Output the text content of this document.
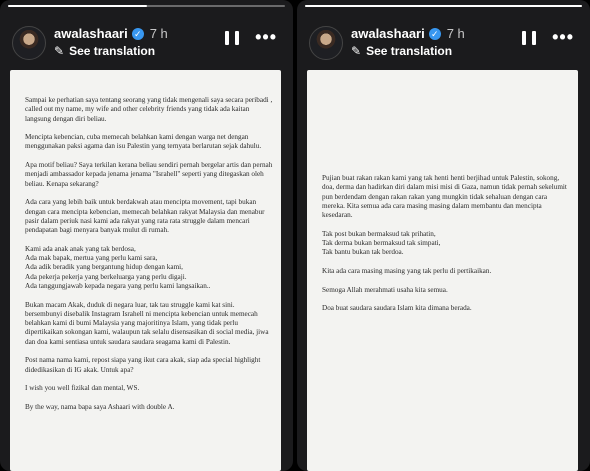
awalashaari ✓ 7 h
✎ See translation
•••

Sampai ke perhatian saya tentang seorang yang tidak mengenali saya secara peribadi , called out my name, my wife and other celebrity friends yang tidak ada kaitan langsung dengan diri beliau.

Mencipta kebencian, cuba memecah belahkan kami dengan warga net dengan menggunakan paksi agama dan isu Palestin yang ternyata berlarutan sejak dahulu.

Apa motif beliau? Saya terkilan kerana beliau sendiri pernah bergelar artis dan pernah menjadi ambassador kepada jenama jenama "Israhell" seperti yang ditegaskan oleh beliau. Kenapa sekarang?

Ada cara yang lebih baik untuk berdakwah atau mencipta movement, tapi bukan dengan cara mencipta kebencian, memecah belahkan rakyat Malaysia dan menabur pasir dalam periuk nasi kami ada rakyat yang rata rata struggle dalam mencari pendapatan bagi menyara banyak mulut di rumah.

Kami ada anak anak yang tak berdosa,
Ada mak bapak, mertua yang perlu kami sara,
Ada adik beradik yang bergantung hidup dengan kami,
Ada pekerja pekerja yang berkeluarga yang perlu digaji.
Ada tanggungjawab kepada negara yang perlu kami langsaikan..

Bukan macam Akak, duduk di negara luar, tak tau struggle kami kat sini. bersembunyi disebalik Instagram Israhell ni mencipta kebencian untuk memecah belahkan kami di bumi Malaysia yang majoritinya Islam, yang tidak perlu dipertikaikan sokongan kami, walaupun tak selalu disensasikan di social media, jiwa dan doa kami sentiasa untuk saudara saudara seagama kami di Palestin.

Post nama nama kami, repost siapa yang ikut cara akak, siap ada special highlight didedikasikan di IG akak. Untuk apa?

I wish you well fizikal dan mental, WS.

By the way, nama bapa saya Ashaari with double A.

awalashaari ✓ 7 h
✎ See translation
•••

Pujian buat rakan rakan kami yang tak henti henti berjihad untuk Palestin, sokong, doa, derma dan hadirkan diri dalam misi misi di Gaza, namun tidak pernah sekelumit pun berdendam dengan rakan rakan yang mungkin tidak sehaluan dengan cara mereka. Kita semua ada cara masing masing dalam membantu dan mencipta kesedaran.

Tak post bukan bermaksud tak prihatin,
Tak derma bukan bermaksud tak simpati,
Tak bantu bukan tak berdoa.

Kita ada cara masing masing yang tak perlu di pertikaikan.

Semoga Allah merahmati usaha kita semua.

Doa buat saudara saudara Islam kita dimana berada.
